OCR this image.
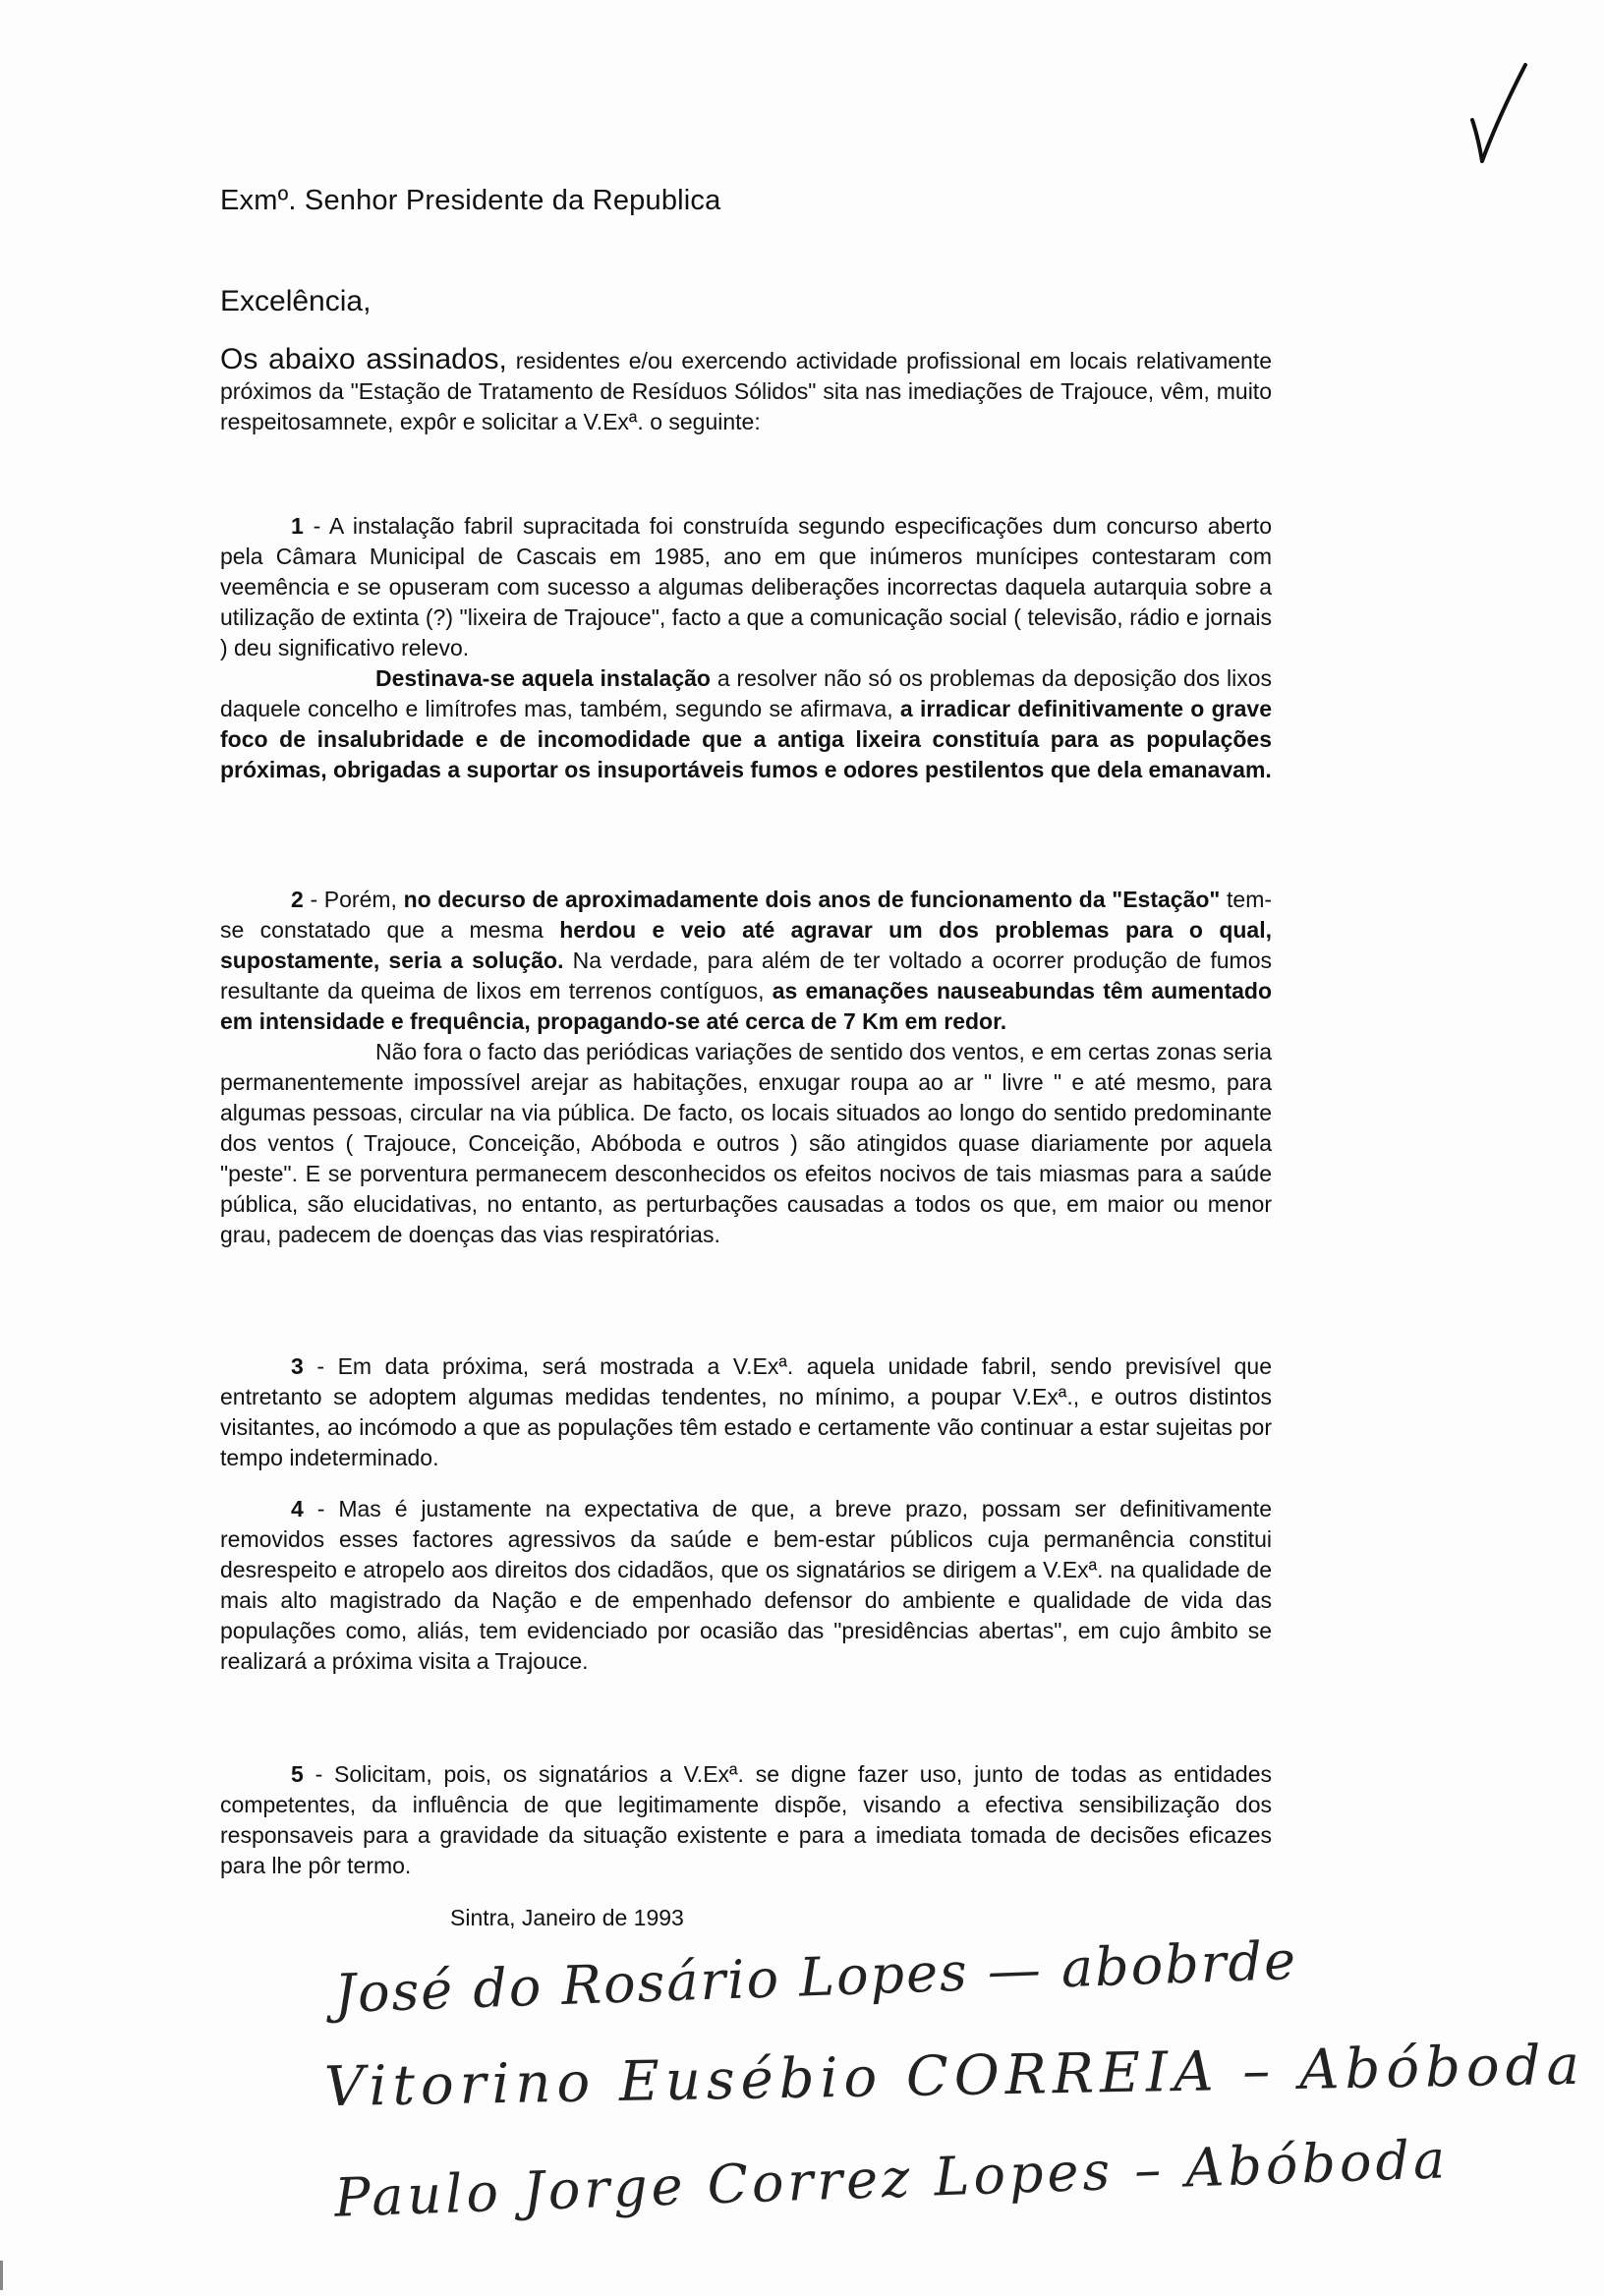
Exmº. Senhor Presidente da Republica
Excelência,
Os abaixo assinados, residentes e/ou exercendo actividade profissional em locais relativamente próximos da "Estação de Tratamento de Resíduos Sólidos" sita nas imediações de Trajouce, vêm, muito respeitosamnete, expôr e solicitar a V.Exª. o seguinte:
1 - A instalação fabril supracitada foi construída segundo especificações dum concurso aberto pela Câmara Municipal de Cascais em 1985, ano em que inúmeros munícipes contestaram com veemência e se opuseram com sucesso a algumas deliberações incorrectas daquela autarquia sobre a utilização de extinta (?) "lixeira de Trajouce", facto a que a comunicação social ( televisão, rádio e jornais ) deu significativo relevo.
Destinava-se aquela instalação a resolver não só os problemas da deposição dos lixos daquele concelho e limítrofes mas, também, segundo se afirmava, a irradicar definitivamente o grave foco de insalubridade e de incomodidade que a antiga lixeira constituía para as populações próximas, obrigadas a suportar os insuportáveis fumos e odores pestilentos que dela emanavam.
2 - Porém, no decurso de aproximadamente dois anos de funcionamento da "Estação" tem-se constatado que a mesma herdou e veio até agravar um dos problemas para o qual, supostamente, seria a solução. Na verdade, para além de ter voltado a ocorrer produção de fumos resultante da queima de lixos em terrenos contíguos, as emanações nauseabundas têm aumentado em intensidade e frequência, propagando-se até cerca de 7 Km em redor.
Não fora o facto das periódicas variações de sentido dos ventos, e em certas zonas seria permanentemente impossível arejar as habitações, enxugar roupa ao ar " livre " e até mesmo, para algumas pessoas, circular na via pública. De facto, os locais situados ao longo do sentido predominante dos ventos ( Trajouce, Conceição, Abóboda e outros ) são atingidos quase diariamente por aquela "peste". E se porventura permanecem desconhecidos os efeitos nocivos de tais miasmas para a saúde pública, são elucidativas, no entanto, as perturbações causadas a todos os que, em maior ou menor grau, padecem de doenças das vias respiratórias.
3 - Em data próxima, será mostrada a V.Exª. aquela unidade fabril, sendo previsível que entretanto se adoptem algumas medidas tendentes, no mínimo, a poupar V.Exª., e outros distintos visitantes, ao incómodo a que as populações têm estado e certamente vão continuar a estar sujeitas por tempo indeterminado.
4 - Mas é justamente na expectativa de que, a breve prazo, possam ser definitivamente removidos esses factores agressivos da saúde e bem-estar públicos cuja permanência constitui desrespeito e atropelo aos direitos dos cidadãos, que os signatários se dirigem a V.Exª. na qualidade de mais alto magistrado da Nação e de empenhado defensor do ambiente e qualidade de vida das populações como, aliás, tem evidenciado por ocasião das "presidências abertas", em cujo âmbito se realizará a próxima visita a Trajouce.
5 - Solicitam, pois, os signatários a V.Exª. se digne fazer uso, junto de todas as entidades competentes, da influência de que legitimamente dispõe, visando a efectiva sensibilização dos responsaveis para a gravidade da situação existente e para a imediata tomada de decisões eficazes para lhe pôr termo.
Sintra, Janeiro de 1993
José do Rosário Lopes — abobrde
Vitorino Eusébio CORREIA – Abóboda
Paulo Jorge Correz Lopes – Abóboda
